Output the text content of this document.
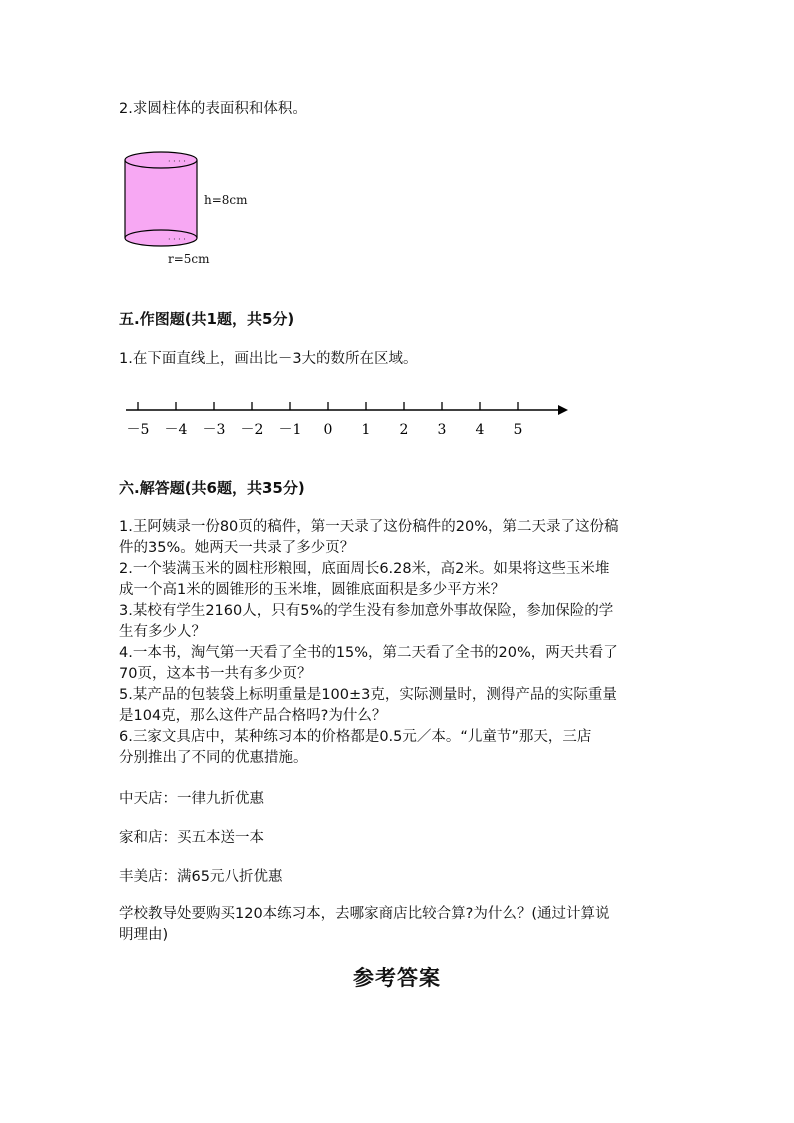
2.求圆柱体的表面积和体积。
· · · ·
· · · ·
h=8cm
r=5cm
五.作图题(共1题，共5分)
1.在下面直线上，画出比－3大的数所在区域。
－5 －4 －3 －2 －1 0 1 2 3 4 5
六.解答题(共6题，共35分)
1.王阿姨录一份80页的稿件，第一天录了这份稿件的20%，第二天录了这份稿
件的35%。她两天一共录了多少页？
2.一个装满玉米的圆柱形粮囤，底面周长6.28米，高2米。如果将这些玉米堆
成一个高1米的圆锥形的玉米堆，圆锥底面积是多少平方米？
3.某校有学生2160人，只有5%的学生没有参加意外事故保险，参加保险的学
生有多少人？
4.一本书，淘气第一天看了全书的15%，第二天看了全书的20%，两天共看了
70页，这本书一共有多少页？
5.某产品的包装袋上标明重量是100±3克，实际测量时，测得产品的实际重量
是104克，那么这件产品合格吗?为什么？
6.三家文具店中，某种练习本的价格都是0.5元／本。“儿童节”那天，三店
分别推出了不同的优惠措施。
中天店：一律九折优惠
家和店：买五本送一本
丰美店：满65元八折优惠
学校教导处要购买120本练习本，去哪家商店比较合算?为什么？(通过计算说
明理由)
参考答案
